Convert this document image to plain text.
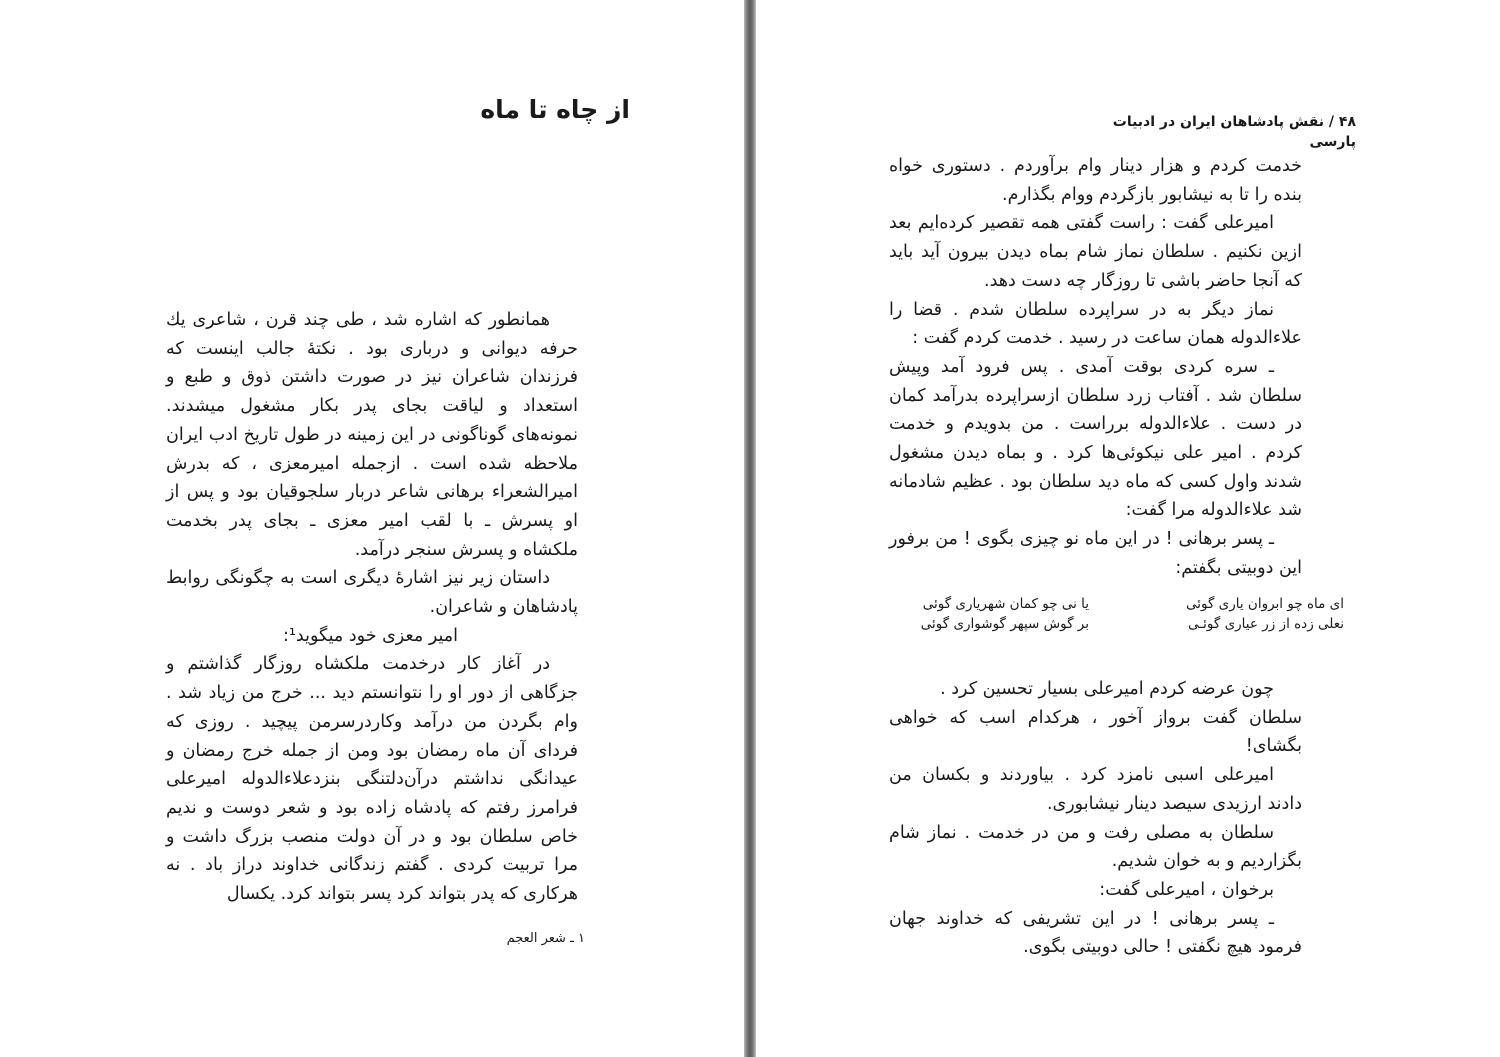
از چاه تا ماه

همانطور که اشاره شد ، طی چند قرن ، شاعری یك حرفه دیوانی و درباری بود . نکتهٔ جالب اینست که فرزندان شاعران نیز در صورت داشتن ذوق و طبع و استعداد و لیاقت بجای پدر بکار مشغول میشدند. نمونه‌های گوناگونی در این زمینه در طول تاریخ ادب ایران ملاحظه شده است . ازجمله امیرمعزی ، که بدرش امیرالشعراء برهانی شاعر دربار سلجوقیان بود و پس از او پسرش ـ با لقب امیر معزی ـ بجای پدر بخدمت ملکشاه و پسرش سنجر درآمد.

داستان زیر نیز اشارهٔ دیگری است به چگونگی روابط پادشاهان و شاعران.

امیر معزی خود میگوید¹:

در آغاز کار درخدمت ملکشاه روزگار گذاشتم و جزگاهی از دور او را نتوانستم دید ... خرج من زیاد شد . وام بگردن من درآمد وکاردرسرمن پیچید . روزی که فردای آن ماه رمضان بود ومن از جمله خرج رمضان و عیدانگی نداشتم درآن‌دلتنگی بنزدعلاءالدوله امیرعلی فرامرز رفتم که پادشاه زاده بود و شعر دوست و ندیم خاص سلطان بود و در آن دولت منصب بزرگ داشت و مرا تربیت کردی . گفتم زندگانی خداوند دراز باد . نه هرکاری که پدر بتواند کرد پسر بتواند کرد. یکسال

۱ ـ شعر العجم
۴۸ / نقش پادشاهان ایران در ادبیات پارسی

خدمت کردم و هزار دینار وام برآوردم . دستوری خواه بنده را تا به نیشابور بازگردم ووام بگذارم.

امیرعلی گفت : راست گفتی همه تقصیر کرده‌ایم بعد ازین نکنیم . سلطان نماز شام بماه دیدن بیرون آید باید که آنجا حاضر باشی تا روزگار چه دست دهد.

نماز دیگر به در سراپرده سلطان شدم . قضا را علاءالدوله همان ساعت در رسید . خدمت کردم گفت :

ـ سره کردی بوقت آمدی . پس فرود آمد وپیش سلطان شد . آفتاب زرد سلطان ازسراپرده بدرآمد کمان در دست . علاءالدوله برراست . من بدویدم و خدمت کردم . امیر علی نیکوئی‌ها کرد . و بماه دیدن مشغول شدند واول کسی که ماه دید سلطان بود . عظیم شادمانه شد علاءالدوله مرا گفت:

ـ پسر برهانی ! در این ماه نو چیزی بگوی ! من برفور این دوبیتی بگفتم:

ای ماه چو ابروان یاری گوئی
یا نی چو کمان شهریاری گوئی
نعلی زده از زر عیاری گوئـی
بر گوش سپهر گوشواری گوئی

چون عرضه کردم امیرعلی بسیار تحسین کرد .

سلطان گفت برواز آخور ، هرکدام اسب که خواهی بگشای!

امیرعلی اسبی نامزد کرد . بیاوردند و بکسان من دادند ارزیدی سیصد دینار نیشابوری.

سلطان به مصلی رفت و من در خدمت . نماز شام بگزاردیم و به خوان شدیم.

برخوان ، امیرعلی گفت:

ـ پسر برهانی ! در این تشریفی که خداوند جهان فرمود هیچ نگفتی ! حالی دوبیتی بگوی.
